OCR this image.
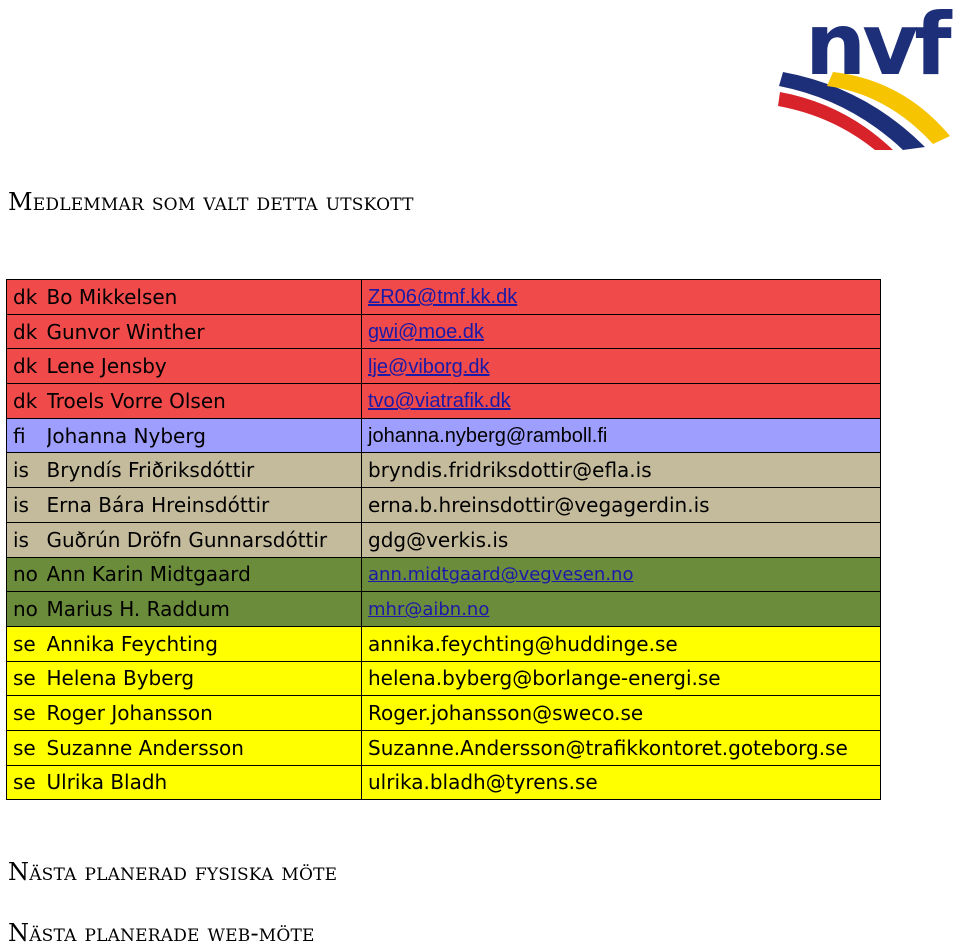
nvf
Medlemmar som valt detta utskott
dk	Bo Mikkelsen	ZR06@tmf.kk.dk
dk	Gunvor Winther	gwi@moe.dk
dk	Lene Jensby	lje@viborg.dk
dk	Troels Vorre Olsen	tvo@viatrafik.dk
fi	Johanna Nyberg	johanna.nyberg@ramboll.fi
is	Bryndís Friðriksdóttir	bryndis.fridriksdottir@efla.is
is	Erna Bára Hreinsdóttir	erna.b.hreinsdottir@vegagerdin.is
is	Guðrún Dröfn Gunnarsdóttir	gdg@verkis.is
no	Ann Karin Midtgaard	ann.midtgaard@vegvesen.no
no	Marius H. Raddum	mhr@aibn.no
se	Annika Feychting	annika.feychting@huddinge.se
se	Helena Byberg	helena.byberg@borlange-energi.se
se	Roger Johansson	Roger.johansson@sweco.se
se	Suzanne Andersson	Suzanne.Andersson@trafikkontoret.goteborg.se
se	Ulrika Bladh	ulrika.bladh@tyrens.se
Nästa planerad fysiska möte
Nästa planerade web-möte
